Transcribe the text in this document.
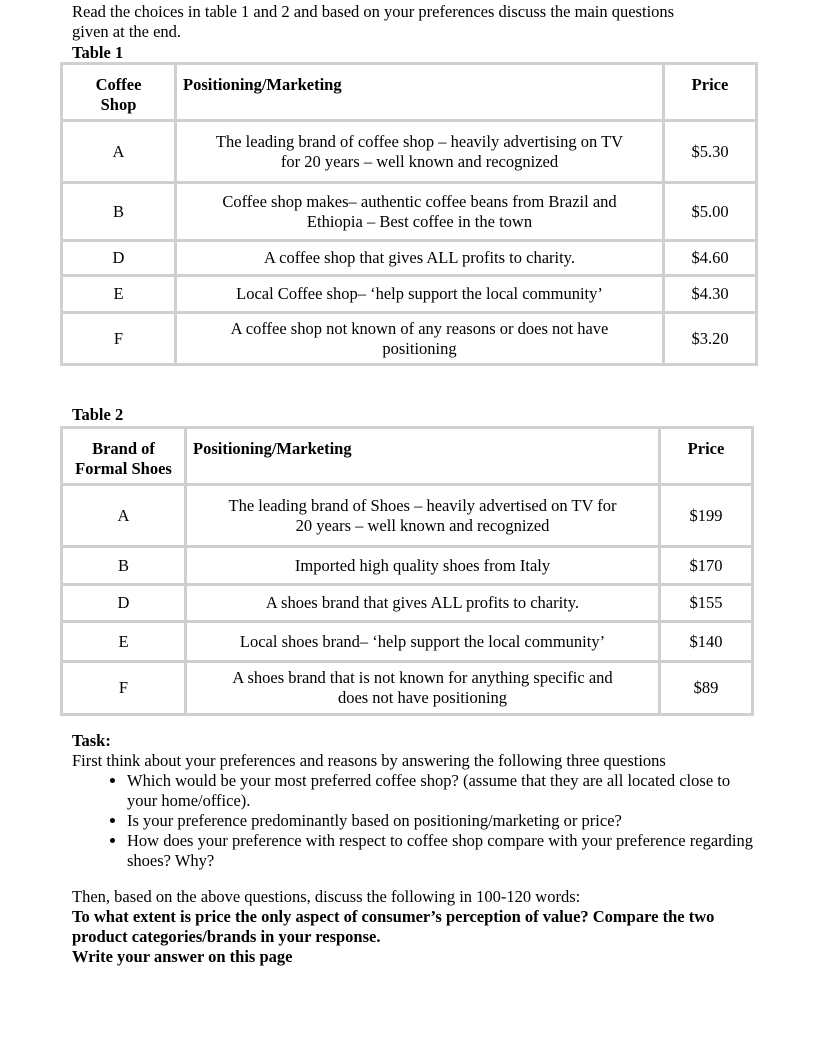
Read the choices in table 1 and 2 and based on your preferences discuss the main questions
given at the end.

Table 1

Table 2

Coffee
Shop	Positioning/Marketing	Price
A	The leading brand of coffee shop – heavily advertising on TV
for 20 years – well known and recognized	$5.30
B	Coffee shop makes– authentic coffee beans from Brazil and
Ethiopia – Best coffee in the town	$5.00
D	A coffee shop that gives ALL profits to charity.	$4.60
E	Local Coffee shop– ‘help support the local community’	$4.30
F	A coffee shop not known of any reasons or does not have
positioning	$3.20
Brand of
Formal Shoes	Positioning/Marketing	Price
A	The leading brand of Shoes – heavily advertised on TV for
20 years – well known and recognized	$199
B	Imported high quality shoes from Italy	$170
D	A shoes brand that gives ALL profits to charity.	$155
E	Local shoes brand– ‘help support the local community’	$140
F	A shoes brand that is not known for anything specific and
does not have positioning	$89

Task:

First think about your preferences and reasons by answering the following three questions

• Which would be your most preferred coffee shop? (assume that they are all located close to your home/office).
• Is your preference predominantly based on positioning/marketing or price?
• How does your preference with respect to coffee shop compare with your preference regarding shoes? Why?

Then, based on the above questions, discuss the following in 100-120 words:

To what extent is price the only aspect of consumer’s perception of value? Compare the two product categories/brands in your response.

Write your answer on this page
